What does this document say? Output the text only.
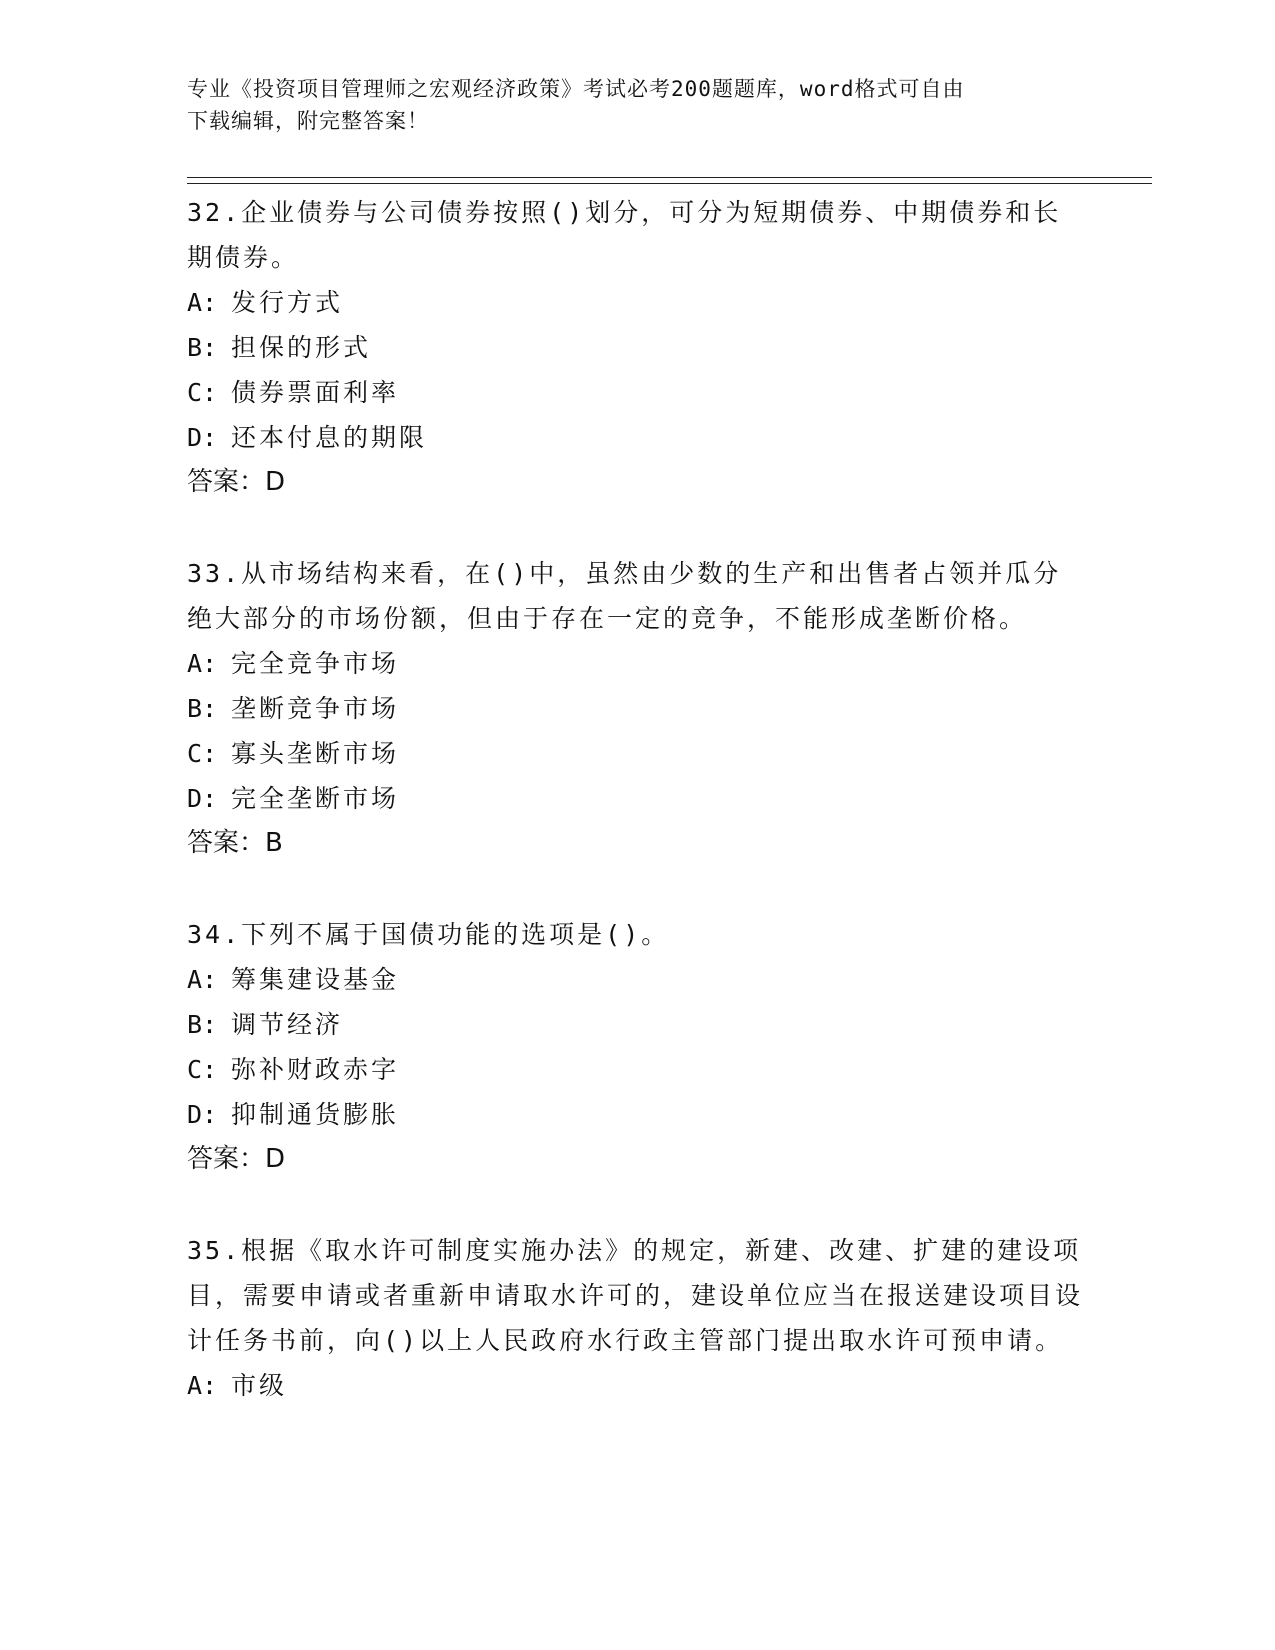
专业《投资项目管理师之宏观经济政策》考试必考200题题库，word格式可自由
下载编辑，附完整答案！

32.企业债券与公司债券按照()划分，可分为短期债券、中期债券和长期债券。

A: 发行方式

B: 担保的形式

C: 债券票面利率

D: 还本付息的期限

答案：D

33.从市场结构来看，在()中，虽然由少数的生产和出售者占领并瓜分绝大部分的市场份额，但由于存在一定的竞争，不能形成垄断价格。

A: 完全竞争市场

B: 垄断竞争市场

C: 寡头垄断市场

D: 完全垄断市场

答案：B

34.下列不属于国债功能的选项是()。

A: 筹集建设基金

B: 调节经济

C: 弥补财政赤字

D: 抑制通货膨胀

答案：D

35.根据《取水许可制度实施办法》的规定，新建、改建、扩建的建设项目，需要申请或者重新申请取水许可的，建设单位应当在报送建设项目设计任务书前，向()以上人民政府水行政主管部门提出取水许可预申请。

A: 市级
